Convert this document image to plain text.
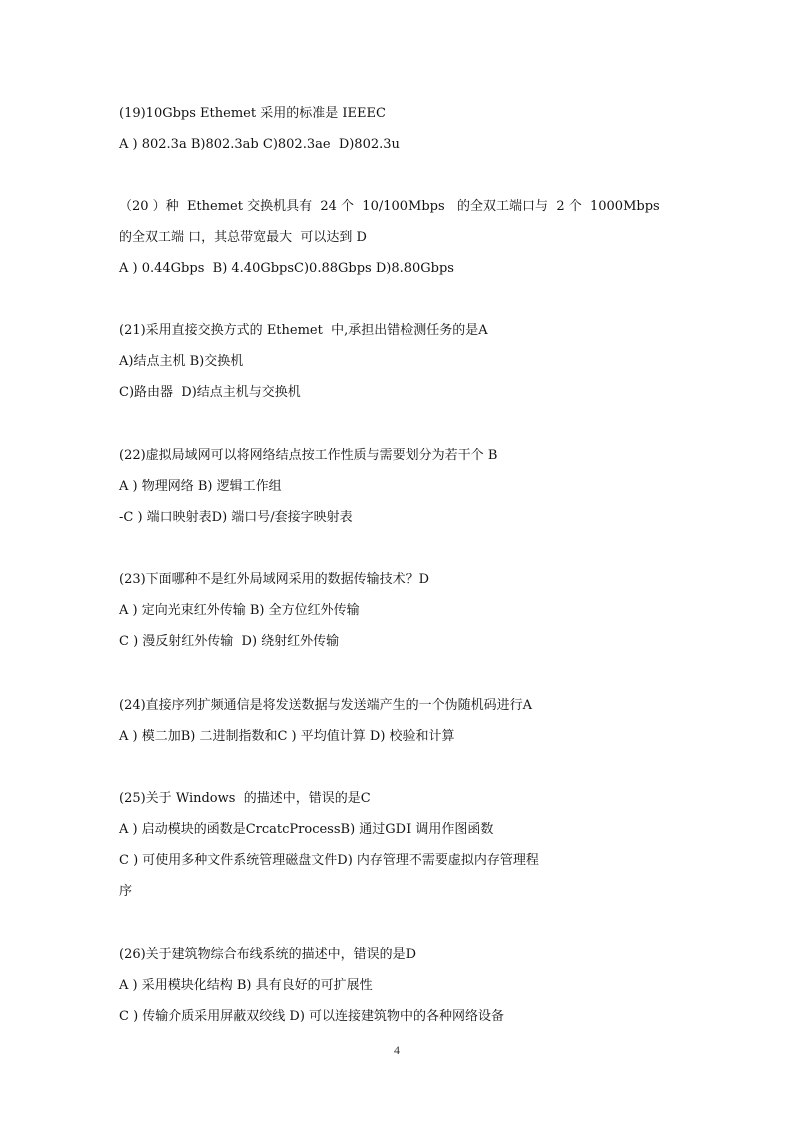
(19)10Gbps Ethemet 采用的标准是 IEEEC
A ) 802.3a B)802.3ab C)802.3ae  D)802.3u
（20 ）种  Ethemet 交换机具有  24 个  10/100Mbps   的全双工端口与  2 个  1000Mbps
的全双工端 口，其总带宽最大  可以达到 D
A ) 0.44Gbps  B) 4.40GbpsC)0.88Gbps D)8.80Gbps
(21)采用直接交换方式的 Ethemet  中,承担出错检测任务的是A
A)结点主机 B)交换机
C)路由器  D)结点主机与交换机
(22)虚拟局域网可以将网络结点按工作性质与需要划分为若干个 B
A ) 物理网络 B) 逻辑工作组
-C ) 端口映射表D) 端口号/套接字映射表
(23)下面哪种不是红外局域网采用的数据传输技术？D
A ) 定向光束红外传输 B) 全方位红外传输
C ) 漫反射红外传输  D) 绕射红外传输
(24)直接序列扩频通信是将发送数据与发送端产生的一个伪随机码进行A
A ) 模二加B) 二进制指数和C ) 平均值计算 D) 校验和计算
(25)关于 Windows  的描述中，错误的是C
A ) 启动模块的函数是CrcatcProcessB) 通过GDI 调用作图函数
C ) 可使用多种文件系统管理磁盘文件D) 内存管理不需要虚拟内存管理程
序
(26)关于建筑物综合布线系统的描述中，错误的是D
A ) 采用模块化结构 B) 具有良好的可扩展性
C ) 传输介质采用屏蔽双绞线 D) 可以连接建筑物中的各种网络设备
4
